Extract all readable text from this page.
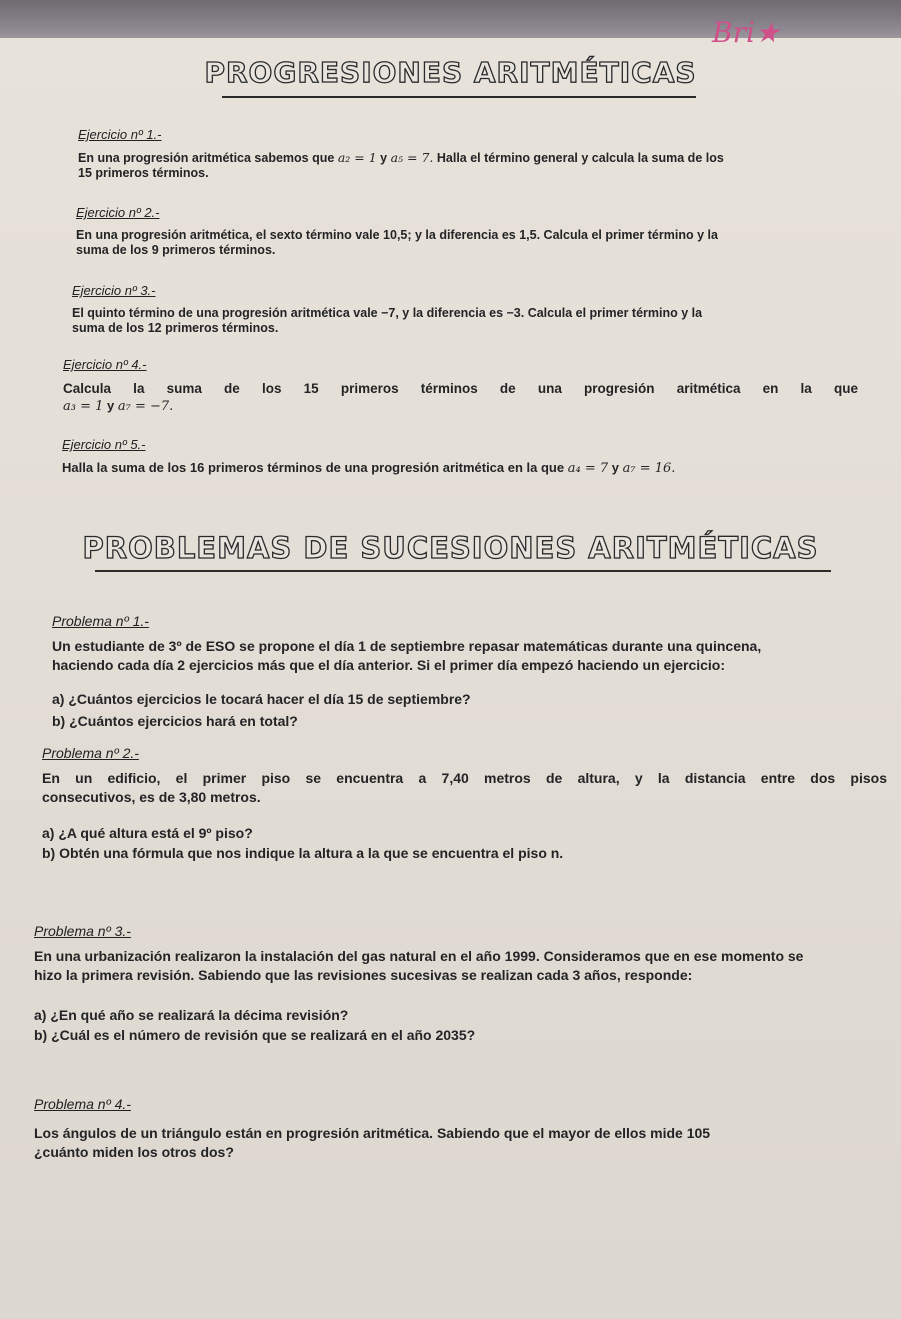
Bri★
PROGRESIONES ARITMÉTICAS
Ejercicio nº 1.-
En una progresión aritmética sabemos que a₂ = 1 y a₅ = 7. Halla el término general y calcula la suma de los
15 primeros términos.
Ejercicio nº 2.-
En una progresión aritmética, el sexto término vale 10,5; y la diferencia es 1,5. Calcula el primer término y la
suma de los 9 primeros términos.
Ejercicio nº 3.-
El quinto término de una progresión aritmética vale −7, y la diferencia es −3. Calcula el primer término y la
suma de los 12 primeros términos.
Ejercicio nº 4.-
Calcula la suma de los 15 primeros términos de una progresión aritmética en la que
a₃ = 1 y a₇ = −7.
Ejercicio nº 5.-
Halla la suma de los 16 primeros términos de una progresión aritmética en la que a₄ = 7 y a₇ = 16.
PROBLEMAS DE SUCESIONES ARITMÉTICAS
Problema nº 1.-
Un estudiante de 3º de ESO se propone el día 1 de septiembre repasar matemáticas durante una quincena,
haciendo cada día 2 ejercicios más que el día anterior. Si el primer día empezó haciendo un ejercicio:
a) ¿Cuántos ejercicios le tocará hacer el día 15 de septiembre?
b) ¿Cuántos ejercicios hará en total?
Problema nº 2.-
En un edificio, el primer piso se encuentra a 7,40 metros de altura, y la distancia entre dos pisos
consecutivos, es de 3,80 metros.
a) ¿A qué altura está el 9º piso?
b) Obtén una fórmula que nos indique la altura a la que se encuentra el piso n.
Problema nº 3.-
En una urbanización realizaron la instalación del gas natural en el año 1999. Consideramos que en ese momento se
hizo la primera revisión. Sabiendo que las revisiones sucesivas se realizan cada 3 años, responde:
a) ¿En qué año se realizará la décima revisión?
b) ¿Cuál es el número de revisión que se realizará en el año 2035?
Problema nº 4.-
Los ángulos de un triángulo están en progresión aritmética. Sabiendo que el mayor de ellos mide 105
¿cuánto miden los otros dos?
